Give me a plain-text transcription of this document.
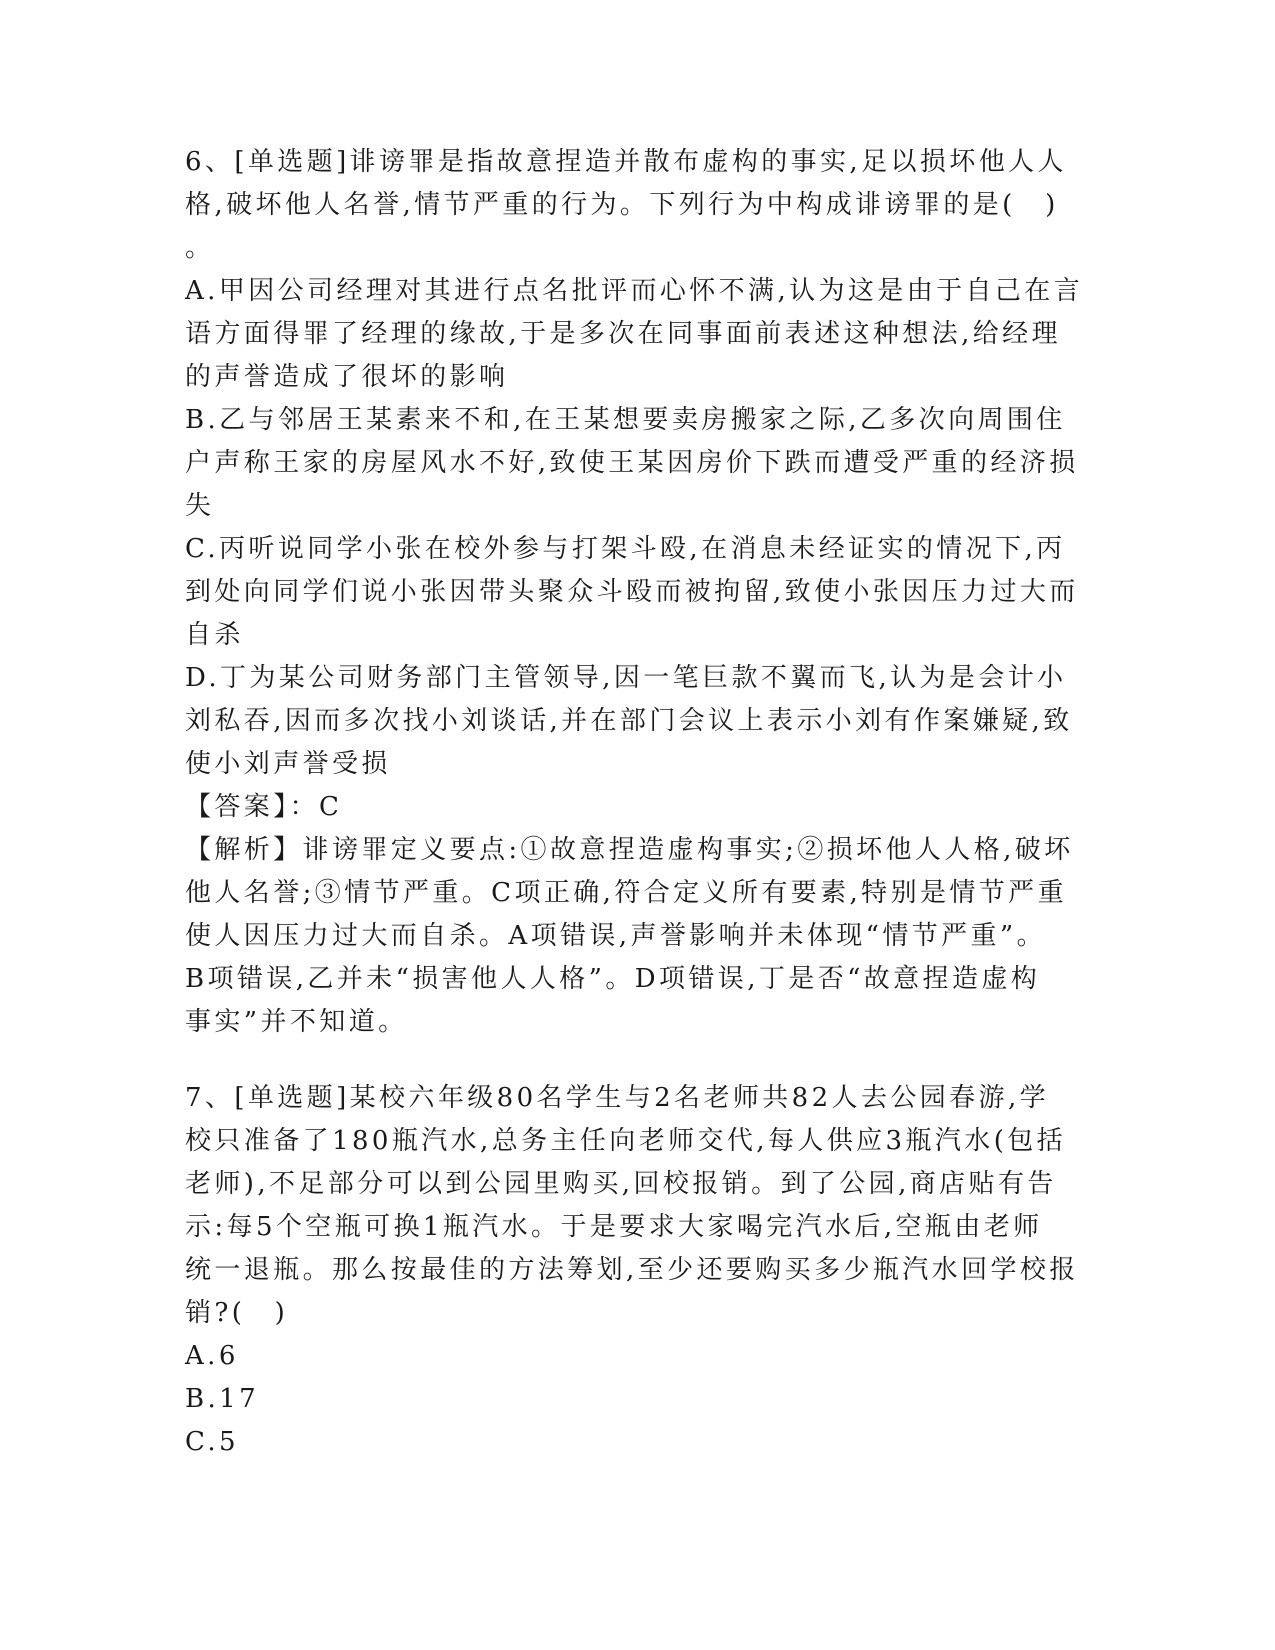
6、[单选题]诽谤罪是指故意捏造并散布虚构的事实,足以损坏他人人
格,破坏他人名誉,情节严重的行为。下列行为中构成诽谤罪的是(　)
。
A.甲因公司经理对其进行点名批评而心怀不满,认为这是由于自己在言
语方面得罪了经理的缘故,于是多次在同事面前表述这种想法,给经理
的声誉造成了很坏的影响
B.乙与邻居王某素来不和,在王某想要卖房搬家之际,乙多次向周围住
户声称王家的房屋风水不好,致使王某因房价下跌而遭受严重的经济损
失
C.丙听说同学小张在校外参与打架斗殴,在消息未经证实的情况下,丙
到处向同学们说小张因带头聚众斗殴而被拘留,致使小张因压力过大而
自杀
D.丁为某公司财务部门主管领导,因一笔巨款不翼而飞,认为是会计小
刘私吞,因而多次找小刘谈话,并在部门会议上表示小刘有作案嫌疑,致
使小刘声誉受损
【答案】：C
【解析】诽谤罪定义要点:①故意捏造虚构事实;②损坏他人人格,破坏
他人名誉;③情节严重。C项正确,符合定义所有要素,特别是情节严重
使人因压力过大而自杀。A项错误,声誉影响并未体现“情节严重”。
B项错误,乙并未“损害他人人格”。D项错误,丁是否“故意捏造虚构
事实”并不知道。
7、[单选题]某校六年级80名学生与2名老师共82人去公园春游,学
校只准备了180瓶汽水,总务主任向老师交代,每人供应3瓶汽水(包括
老师),不足部分可以到公园里购买,回校报销。到了公园,商店贴有告
示:每5个空瓶可换1瓶汽水。于是要求大家喝完汽水后,空瓶由老师
统一退瓶。那么按最佳的方法筹划,至少还要购买多少瓶汽水回学校报
销?(　)
A.6
B.17
C.5
